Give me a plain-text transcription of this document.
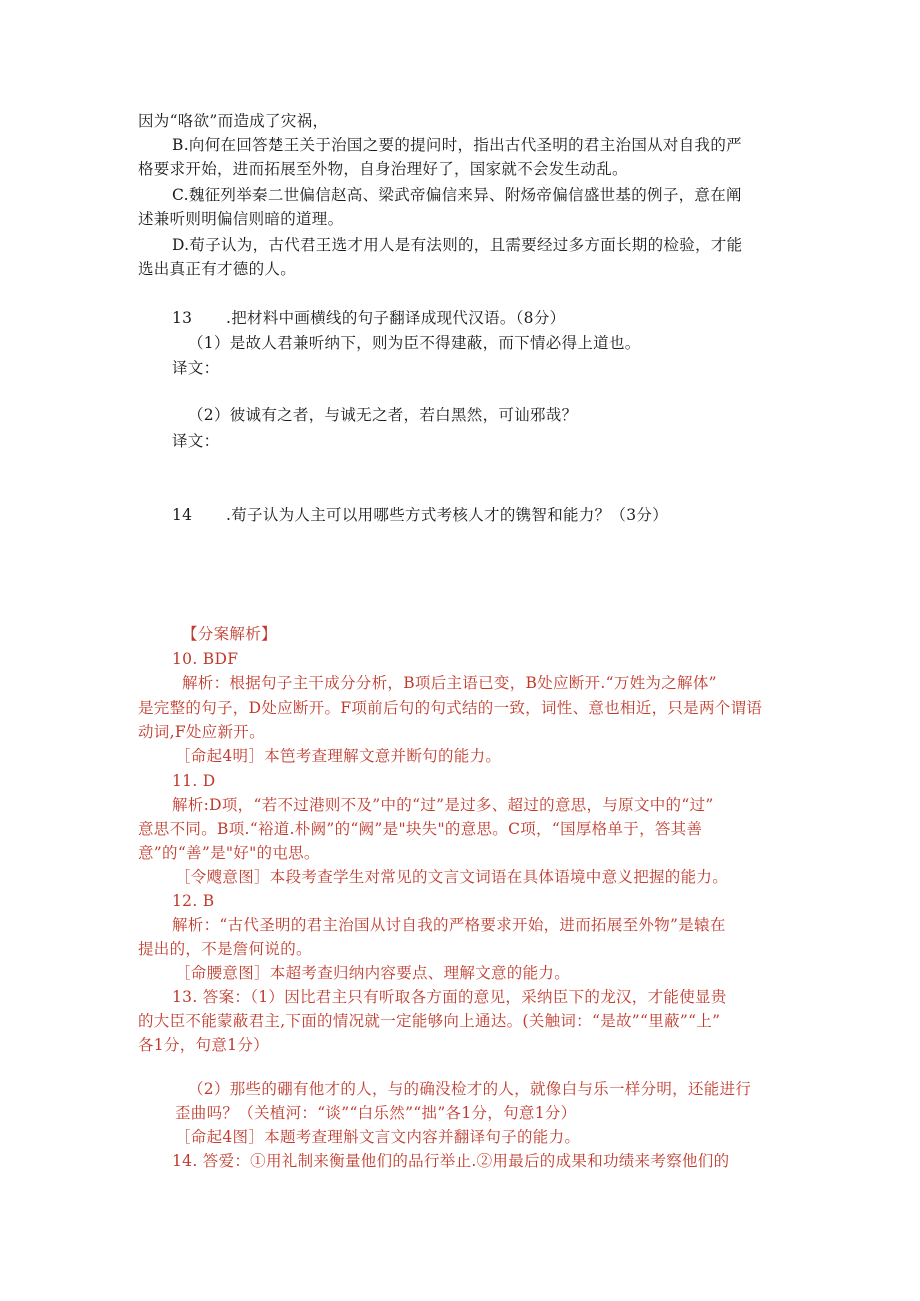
因为“咯欲”而造成了灾祸，
B.向何在回答楚王关于治国之要的提问时，指出古代圣明的君主治国从对自我的严
格要求开始，进而拓展至外物，自身治理好了，国家就不会发生动乱。
C.魏征列举秦二世偏信赵高、梁武帝偏信来异、附炀帝偏信盛世基的例子，意在阐
述兼听则明偏信则暗的道理。
D.荀子认为，古代君王选才用人是有法则的，且需要经过多方面长期的检验，才能
选出真正有才德的人。
13 .把材料中画横线的句子翻译成现代汉语。（8分）
（1）是故人君兼听纳下，则为臣不得建蔽，而下情必得上道也。
译文：
（2）彼诚有之者，与诚无之者，若白黑然，可讪邪哉？
译文：
14 .荀子认为人主可以用哪些方式考核人才的镌智和能力？（3分）
【分案解析】
10. BDF
解析：根据句子主干成分分析，B项后主语已变，B处应断开.“万姓为之解体”
是完整的句子，D处应断开。F项前后句的句式结的一致，词性、意也相近，只是两个谓语
动词,F处应新开。
［命起4明］本笆考查理解文意并断句的能力。
11. D
解析:D项，“若不过港则不及”中的“过”是过多、超过的意思，与原文中的“过”
意思不同。B项.“裕道.朴阙”的“阙”是"块失"的意思。C项，“国厚格单于，答其善
意”的“善”是"好"的屯思。
［令飕意图］本段考查学生对常见的文言文词语在具体语境中意义把握的能力。
12. B
解析：“古代圣明的君主治国从讨自我的严格要求开始，进而拓展至外物”是辕在
提出的，不是詹何说的。
［命腰意图］本超考查归纳内容要点、理解文意的能力。
13. 答案：（1）因比君主只有听取各方面的意见，采纳臣下的龙汉，才能使显贵
的大臣不能蒙蔽君主,下面的情况就一定能够向上通达。(关触词：“是故”“里蔽”“上”
各1分，句意1分）
（2）那些的硼有他才的人，与的确没检才的人，就像白与乐一样分明，还能进行
歪曲吗？（关植河：“谈”“白乐然”“拙”各1分，句意1分）
［命起4图］本题考查理斛文言文内容并翻译句子的能力。
14. 答爱：①用礼制来衡量他们的品行举止.②用最后的成果和功绩来考察他们的
